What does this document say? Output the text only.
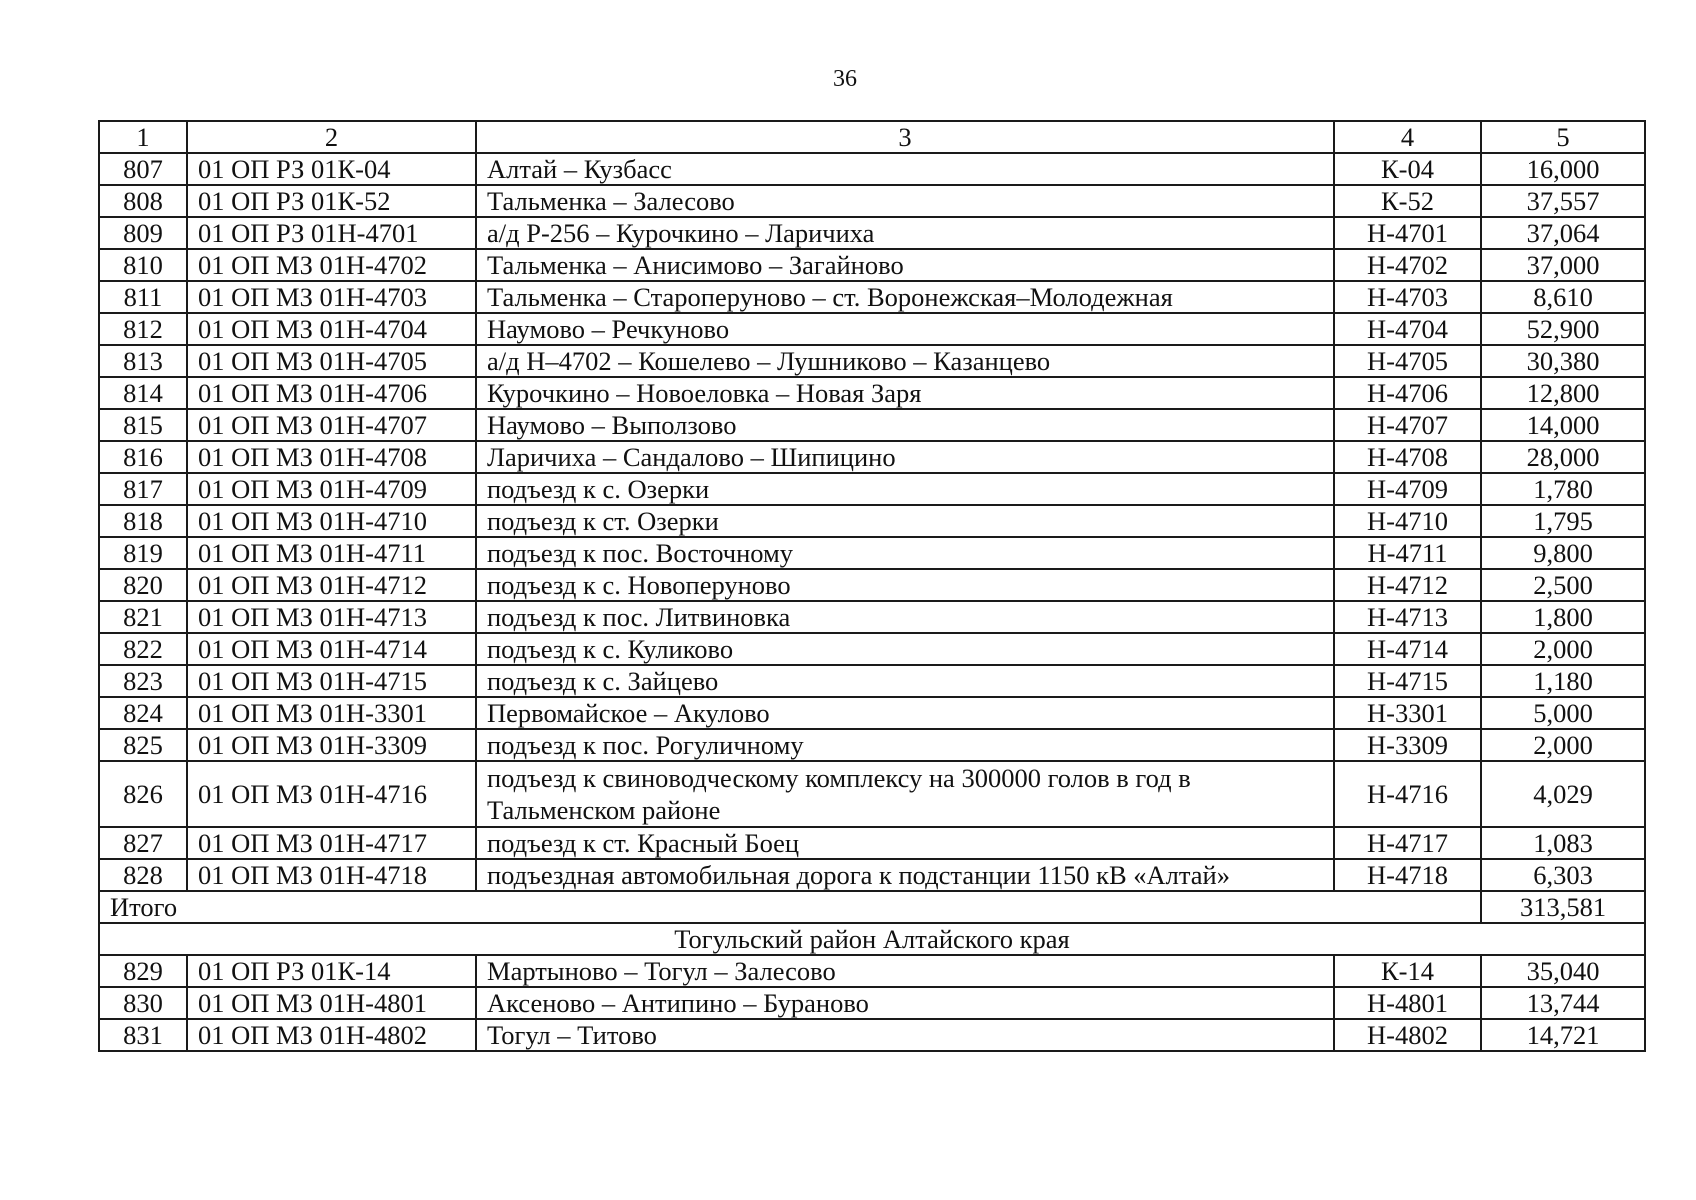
36
1	2	3	4	5
807	01 ОП РЗ 01К-04	Алтай – Кузбасс	К-04	16,000
808	01 ОП РЗ 01К-52	Тальменка – Залесово	К-52	37,557
809	01 ОП РЗ 01Н-4701	а/д Р-256 – Курочкино – Ларичиха	Н-4701	37,064
810	01 ОП МЗ 01Н-4702	Тальменка – Анисимово – Загайново	Н-4702	37,000
811	01 ОП МЗ 01Н-4703	Тальменка – Староперуново – ст. Воронежская–Молодежная	Н-4703	8,610
812	01 ОП МЗ 01Н-4704	Наумово – Речкуново	Н-4704	52,900
813	01 ОП МЗ 01Н-4705	а/д Н–4702 – Кошелево – Лушниково – Казанцево	Н-4705	30,380
814	01 ОП МЗ 01Н-4706	Курочкино – Новоеловка – Новая Заря	Н-4706	12,800
815	01 ОП МЗ 01Н-4707	Наумово – Выползово	Н-4707	14,000
816	01 ОП МЗ 01Н-4708	Ларичиха – Сандалово – Шипицино	Н-4708	28,000
817	01 ОП МЗ 01Н-4709	подъезд к с. Озерки	Н-4709	1,780
818	01 ОП МЗ 01Н-4710	подъезд к ст. Озерки	Н-4710	1,795
819	01 ОП МЗ 01Н-4711	подъезд к пос. Восточному	Н-4711	9,800
820	01 ОП МЗ 01Н-4712	подъезд к с. Новоперуново	Н-4712	2,500
821	01 ОП МЗ 01Н-4713	подъезд к пос. Литвиновка	Н-4713	1,800
822	01 ОП МЗ 01Н-4714	подъезд к с. Куликово	Н-4714	2,000
823	01 ОП МЗ 01Н-4715	подъезд к с. Зайцево	Н-4715	1,180
824	01 ОП МЗ 01Н-3301	Первомайское – Акулово	Н-3301	5,000
825	01 ОП МЗ 01Н-3309	подъезд к пос. Рогуличному	Н-3309	2,000
826	01 ОП МЗ 01Н-4716	подъезд к свиноводческому комплексу на 300000 голов в год в Тальменском районе	Н-4716	4,029
827	01 ОП МЗ 01Н-4717	подъезд к ст. Красный Боец	Н-4717	1,083
828	01 ОП МЗ 01Н-4718	подъездная автомобильная дорога к подстанции 1150 кВ «Алтай»	Н-4718	6,303
Итого				313,581
Тогульский район Алтайского края				
829	01 ОП РЗ 01К-14	Мартыново – Тогул – Залесово	К-14	35,040
830	01 ОП МЗ 01Н-4801	Аксеново – Антипино – Бураново	Н-4801	13,744
831	01 ОП МЗ 01Н-4802	Тогул – Титово	Н-4802	14,721
